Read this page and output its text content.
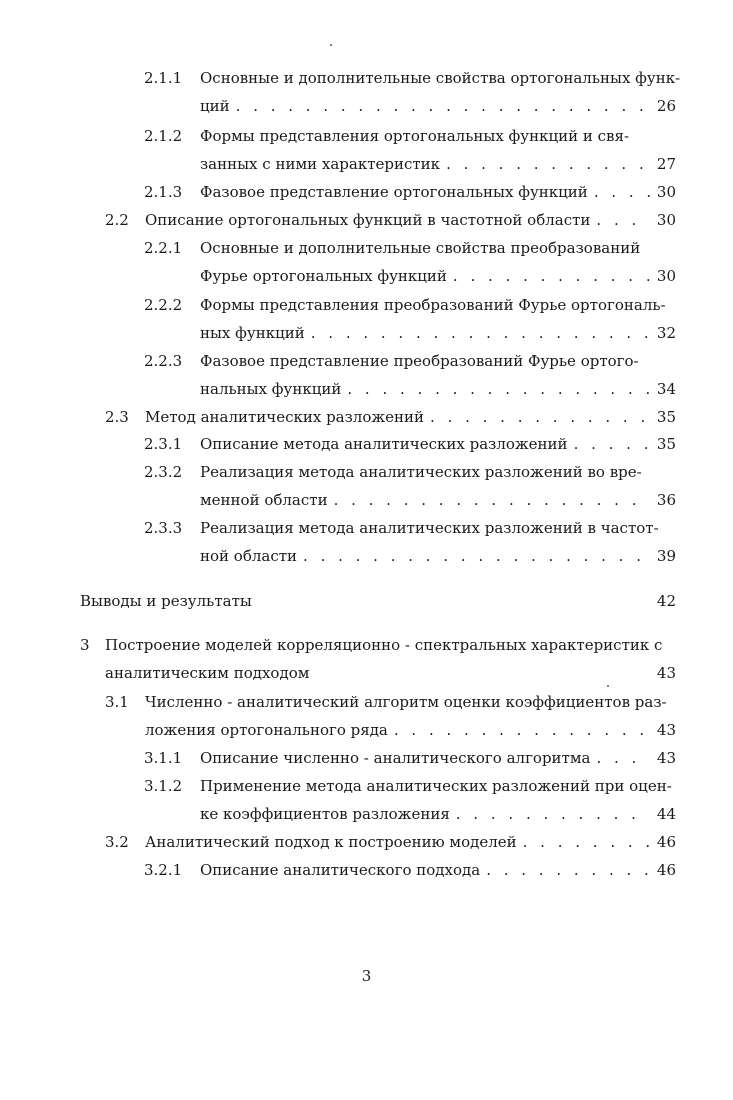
2.1.1 Основные и дополнительные свойства ортогональных функ-
ций . . .	26
2.1.2 Формы представления ортогональных функций и свя-
занных с ними характеристик . . .	27
2.1.3 Фазовое представление ортогональных функций . . .	30
2.2 Описание ортогональных функций в частотной области . . .	30
2.2.1 Основные и дополнительные свойства преобразований
Фурье ортогональных функций . . .	30
2.2.2 Формы представления преобразований Фурье ортогональ-
ных функций . . .	32
2.2.3 Фазовое представление преобразований Фурье ортого-
нальных функций . . .	34
2.3 Метод аналитических разложений . . .	35
2.3.1 Описание метода аналитических разложений . . .	35
2.3.2 Реализация метода аналитических разложений во вре-
менной области . . .	36
2.3.3 Реализация метода аналитических разложений в частот-
ной области . . .	39
Выводы и результаты	42
3 Построение моделей корреляционно - спектральных характеристик с
аналитическим подходом	43
3.1 Численно - аналитический алгоритм оценки коэффициентов раз-
ложения ортогонального ряда . . .	43
3.1.1 Описание численно - аналитического алгоритма . . .	43
3.1.2 Применение метода аналитических разложений при оцен-
ке коэффициентов разложения . . .	44
3.2 Аналитический подход к построению моделей . . .	46
3.2.1 Описание аналитического подхода . . .	46
3
